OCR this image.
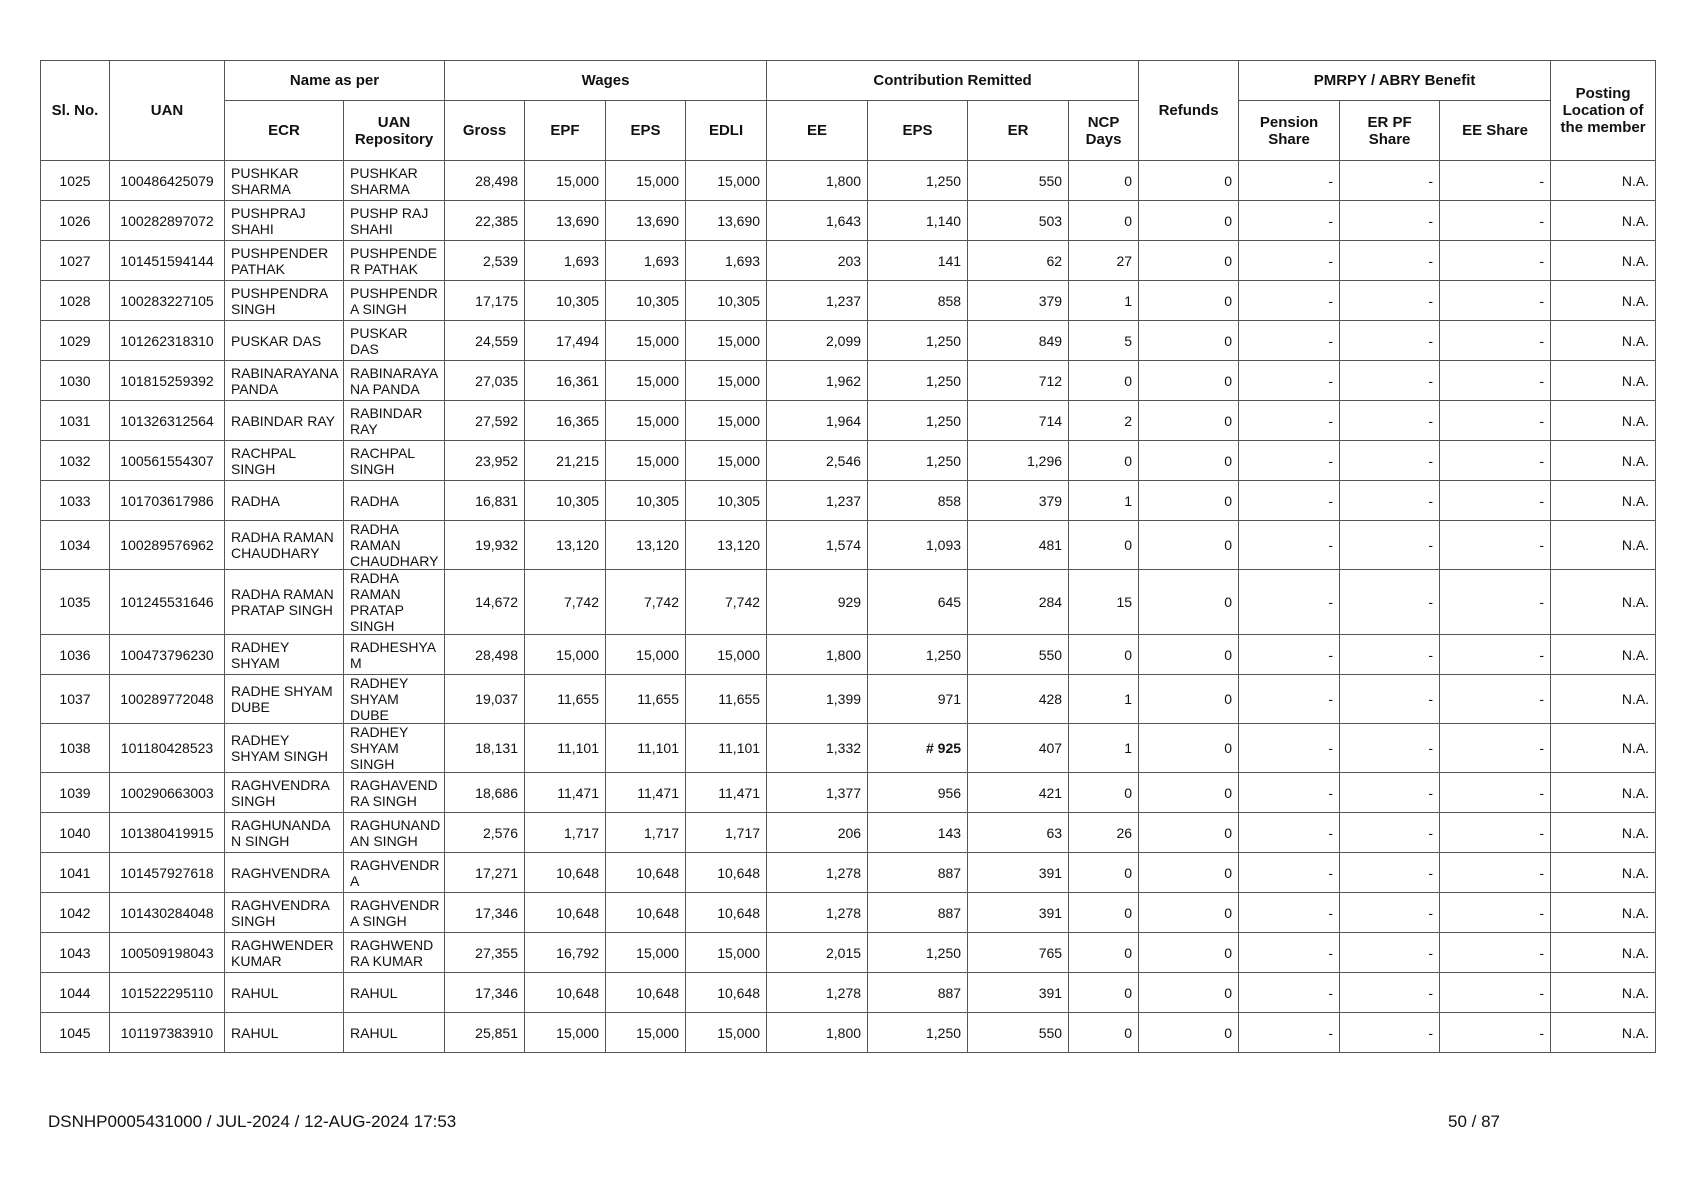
Sl. No.	UAN	Name as per		Wages				Contribution Remitted				Refunds	PMRPY / ABRY Benefit			Posting Location of the member
		ECR	UAN Repository	Gross	EPF	EPS	EDLI	EE	EPS	ER	NCP Days		Pension Share	ER PF Share	EE Share	
1025	100486425079	PUSHKAR SHARMA	PUSHKAR SHARMA	28,498	15,000	15,000	15,000	1,800	1,250	550	0	0	-	-	-	N.A.
1026	100282897072	PUSHPRAJ SHAHI	PUSHP RAJ SHAHI	22,385	13,690	13,690	13,690	1,643	1,140	503	0	0	-	-	-	N.A.
1027	101451594144	PUSHPENDER PATHAK	PUSHPENDE R PATHAK	2,539	1,693	1,693	1,693	203	141	62	27	0	-	-	-	N.A.
1028	100283227105	PUSHPENDRA SINGH	PUSHPENDR A SINGH	17,175	10,305	10,305	10,305	1,237	858	379	1	0	-	-	-	N.A.
1029	101262318310	PUSKAR DAS	PUSKAR DAS	24,559	17,494	15,000	15,000	2,099	1,250	849	5	0	-	-	-	N.A.
1030	101815259392	RABINARAYANA PANDA	RABINARAYA NA PANDA	27,035	16,361	15,000	15,000	1,962	1,250	712	0	0	-	-	-	N.A.
1031	101326312564	RABINDAR RAY	RABINDAR RAY	27,592	16,365	15,000	15,000	1,964	1,250	714	2	0	-	-	-	N.A.
1032	100561554307	RACHPAL SINGH	RACHPAL SINGH	23,952	21,215	15,000	15,000	2,546	1,250	1,296	0	0	-	-	-	N.A.
1033	101703617986	RADHA	RADHA	16,831	10,305	10,305	10,305	1,237	858	379	1	0	-	-	-	N.A.
1034	100289576962	RADHA RAMAN CHAUDHARY	RADHA RAMAN CHAUDHARY	19,932	13,120	13,120	13,120	1,574	1,093	481	0	0	-	-	-	N.A.
1035	101245531646	RADHA RAMAN PRATAP SINGH	RADHA RAMAN PRATAP SINGH	14,672	7,742	7,742	7,742	929	645	284	15	0	-	-	-	N.A.
1036	100473796230	RADHEY SHYAM	RADHESHYA M	28,498	15,000	15,000	15,000	1,800	1,250	550	0	0	-	-	-	N.A.
1037	100289772048	RADHE SHYAM DUBE	RADHEY SHYAM DUBE	19,037	11,655	11,655	11,655	1,399	971	428	1	0	-	-	-	N.A.
1038	101180428523	RADHEY SHYAM SINGH	RADHEY SHYAM SINGH	18,131	11,101	11,101	11,101	1,332	# 925	407	1	0	-	-	-	N.A.
1039	100290663003	RAGHVENDRA SINGH	RAGHAVEND RA SINGH	18,686	11,471	11,471	11,471	1,377	956	421	0	0	-	-	-	N.A.
1040	101380419915	RAGHUNANDA N SINGH	RAGHUNAND AN SINGH	2,576	1,717	1,717	1,717	206	143	63	26	0	-	-	-	N.A.
1041	101457927618	RAGHVENDRA	RAGHVENDR A	17,271	10,648	10,648	10,648	1,278	887	391	0	0	-	-	-	N.A.
1042	101430284048	RAGHVENDRA SINGH	RAGHVENDR A SINGH	17,346	10,648	10,648	10,648	1,278	887	391	0	0	-	-	-	N.A.
1043	100509198043	RAGHWENDER KUMAR	RAGHWEND RA KUMAR	27,355	16,792	15,000	15,000	2,015	1,250	765	0	0	-	-	-	N.A.
1044	101522295110	RAHUL	RAHUL	17,346	10,648	10,648	10,648	1,278	887	391	0	0	-	-	-	N.A.
1045	101197383910	RAHUL	RAHUL	25,851	15,000	15,000	15,000	1,800	1,250	550	0	0	-	-	-	N.A.
DSNHP0005431000 / JUL-2024 / 12-AUG-2024 17:53	50 / 87
